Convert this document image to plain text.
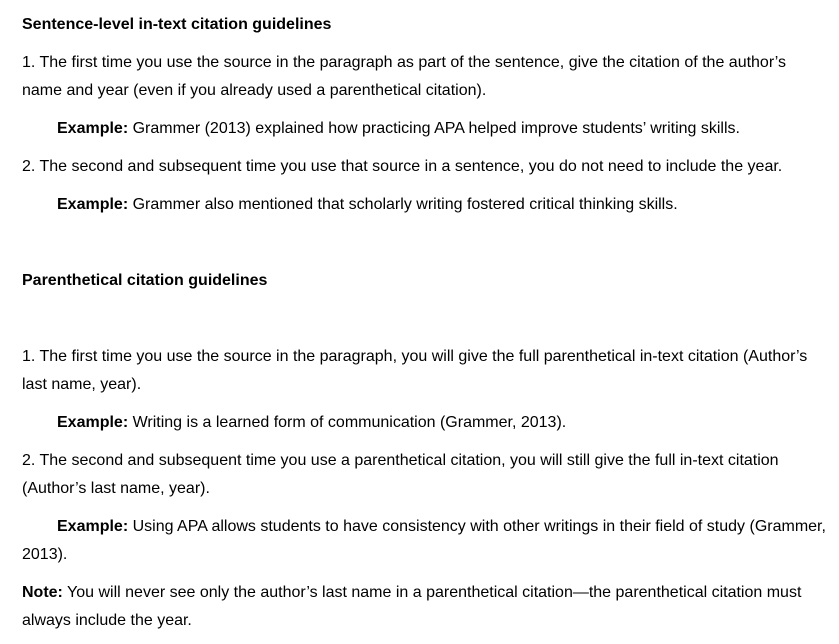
Sentence-level in-text citation guidelines
1. The first time you use the source in the paragraph as part of the sentence, give the citation of the author’s
name and year (even if you already used a parenthetical citation).
Example: Grammer (2013) explained how practicing APA helped improve students’ writing skills.
2. The second and subsequent time you use that source in a sentence, you do not need to include the year.
Example: Grammer also mentioned that scholarly writing fostered critical thinking skills.
Parenthetical citation guidelines
1. The first time you use the source in the paragraph, you will give the full parenthetical in-text citation (Author’s
last name, year).
Example: Writing is a learned form of communication (Grammer, 2013).
2. The second and subsequent time you use a parenthetical citation, you will still give the full in-text citation
(Author’s last name, year).
Example: Using APA allows students to have consistency with other writings in their field of study (Grammer,
2013).
Note: You will never see only the author’s last name in a parenthetical citation—the parenthetical citation must
always include the year.
